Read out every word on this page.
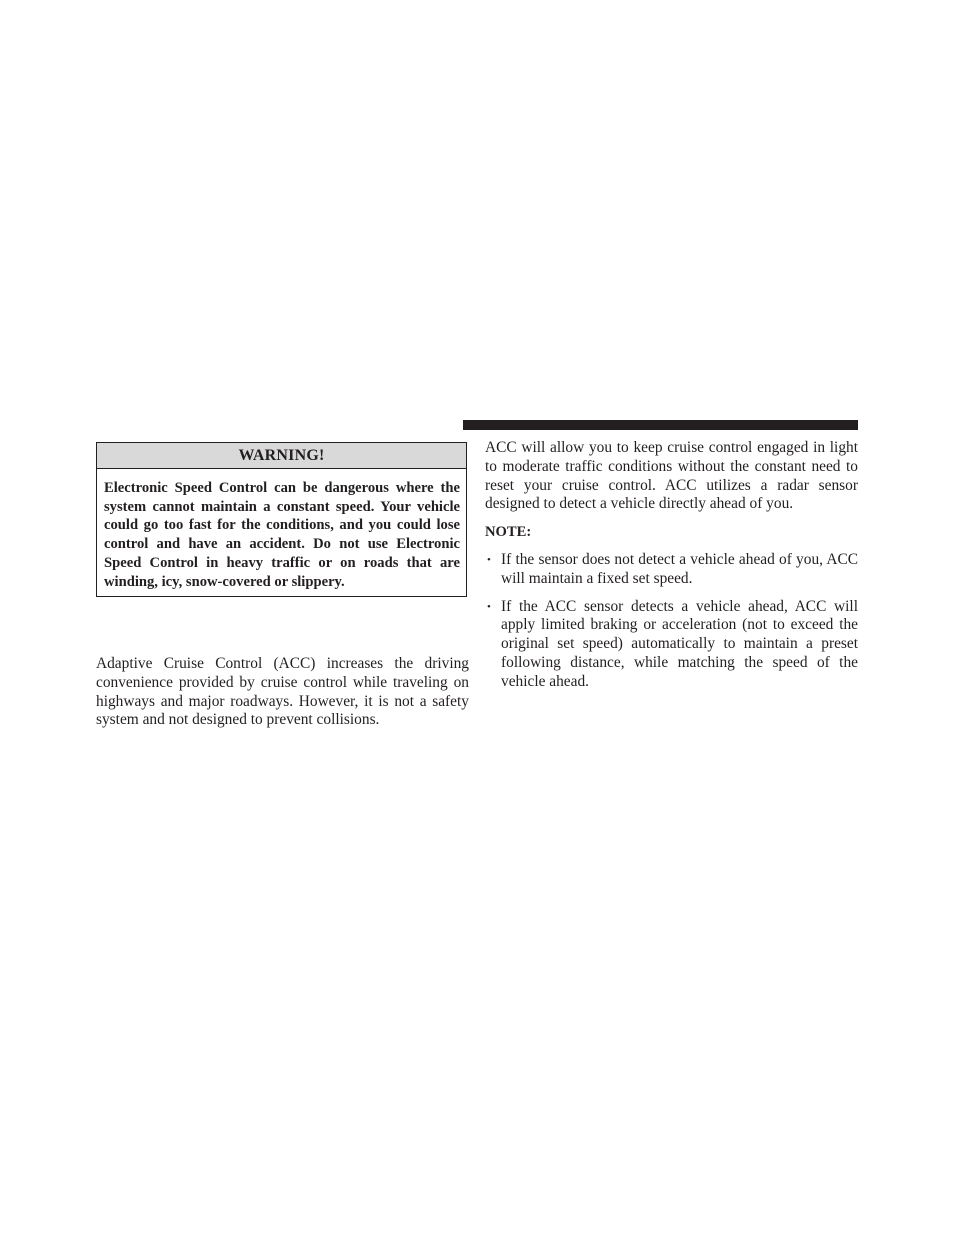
WARNING!
Electronic Speed Control can be dangerous where the system cannot maintain a constant speed. Your vehicle could go too fast for the conditions, and you could lose control and have an accident. Do not use Electronic Speed Control in heavy traffic or on roads that are winding, icy, snow-covered or slippery.

Adaptive Cruise Control (ACC) increases the driving convenience provided by cruise control while traveling on highways and major roadways. However, it is not a safety system and not designed to prevent collisions.

ACC will allow you to keep cruise control engaged in light to moderate traffic conditions without the constant need to reset your cruise control. ACC utilizes a radar sensor designed to detect a vehicle directly ahead of you.

NOTE:

• If the sensor does not detect a vehicle ahead of you, ACC will maintain a fixed set speed.
• If the ACC sensor detects a vehicle ahead, ACC will apply limited braking or acceleration (not to exceed the original set speed) automatically to maintain a preset following distance, while matching the speed of the vehicle ahead.
